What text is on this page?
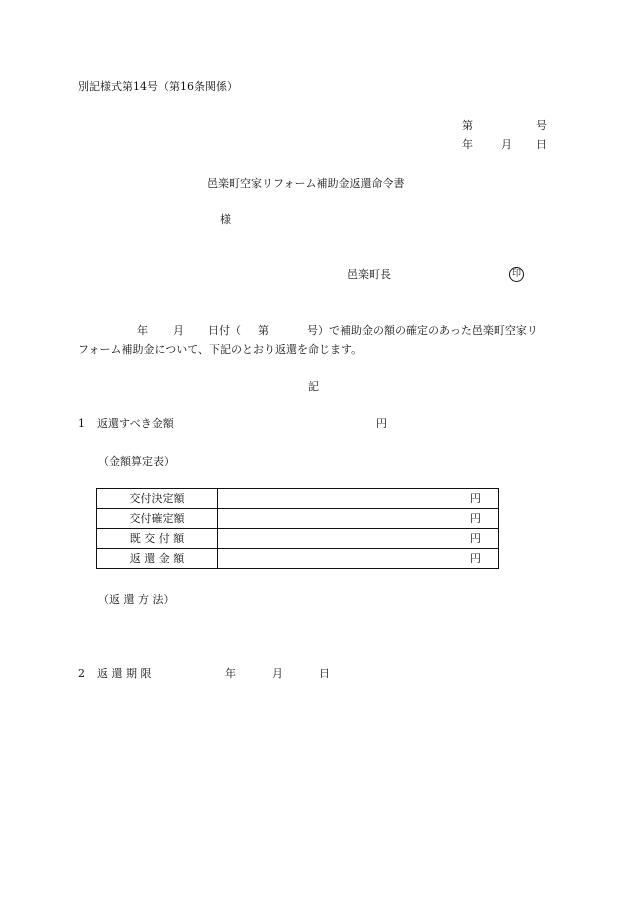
別記様式第14号（第16条関係）
第	号
年	月 日
邑楽町空家リフォーム補助金返還命令書
様
邑楽町長	印
年 月 日付（ 第	号）で補助金の額の確定のあった邑楽町空家リ
フォーム補助金について、下記のとおり返還を命じます。
記
1 返還すべき金額	円
（金額算定表）
交付決定額	円
交付確定額	円
既 交 付 額	円
返 還 金 額	円
（返 還 方 法）
2 返 還 期 限	年	月	日
